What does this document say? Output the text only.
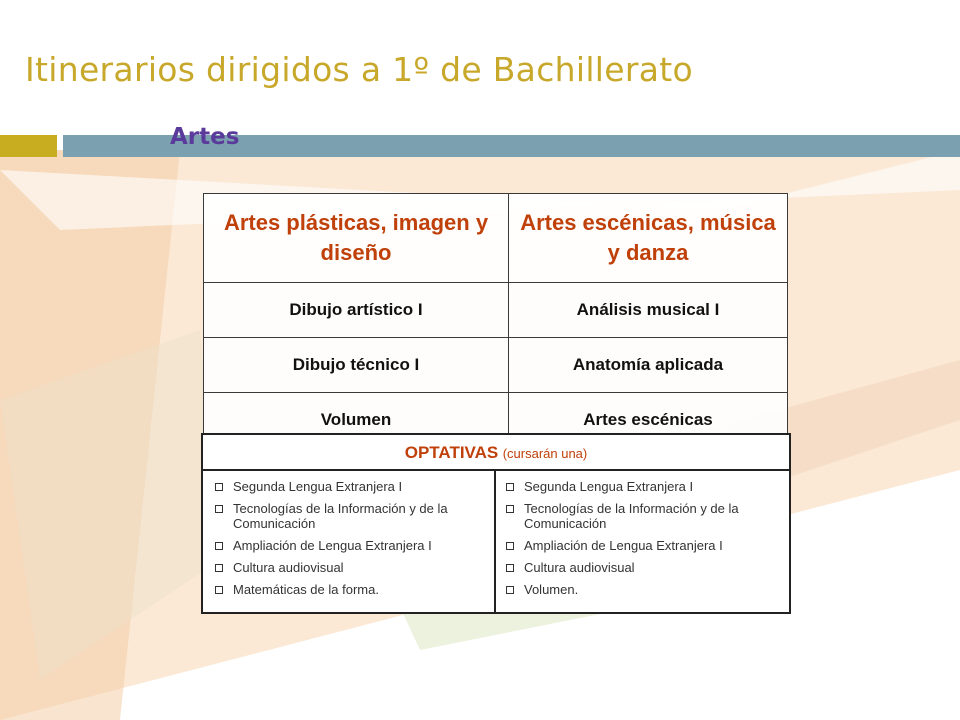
Itinerarios dirigidos a 1º de Bachillerato
Artes
Artes plásticas, imagen y diseño	Artes escénicas, música y danza
Dibujo artístico I	Análisis musical I
Dibujo técnico I	Anatomía aplicada
Volumen	Artes escénicas
OPTATIVAS (cursarán una)
Segunda Lengua Extranjera I
Tecnologías de la Información y de la Comunicación
Ampliación de Lengua Extranjera I
Cultura audiovisual
Matemáticas de la forma.
Segunda Lengua Extranjera I
Tecnologías de la Información y de la Comunicación
Ampliación de Lengua Extranjera I
Cultura audiovisual
Volumen.
